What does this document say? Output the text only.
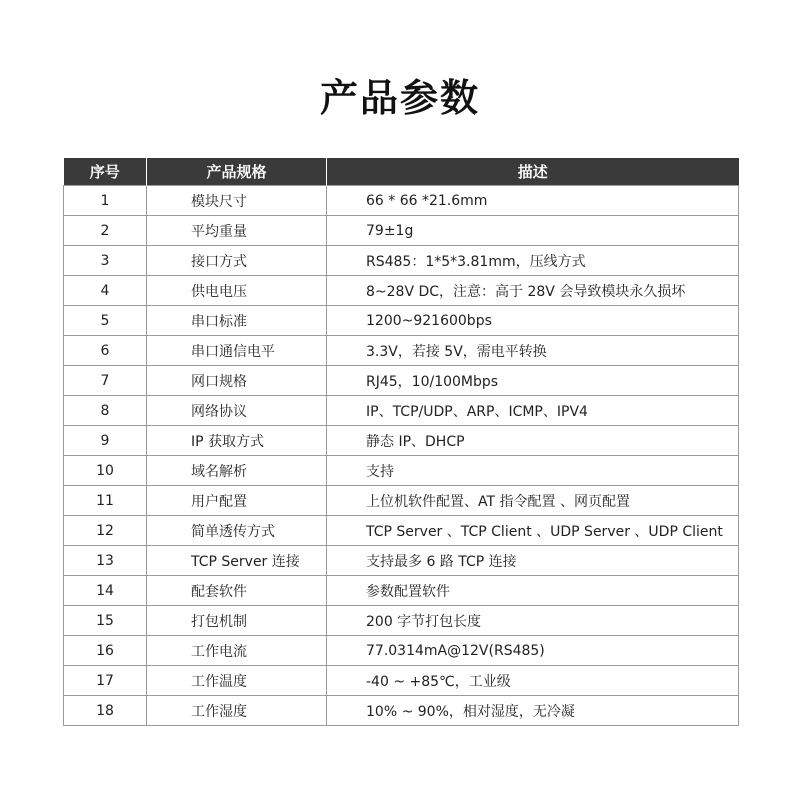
产品参数
序号	产品规格	描述
1	模块尺寸	66 * 66 *21.6mm
2	平均重量	79±1g
3	接口方式	RS485：1*5*3.81mm，压线方式
4	供电电压	8~28V DC，注意：高于 28V 会导致模块永久损坏
5	串口标准	1200~921600bps
6	串口通信电平	3.3V，若接 5V，需电平转换
7	网口规格	RJ45，10/100Mbps
8	网络协议	IP、TCP/UDP、ARP、ICMP、IPV4
9	IP 获取方式	静态 IP、DHCP
10	域名解析	支持
11	用户配置	上位机软件配置、AT 指令配置 、网页配置
12	简单透传方式	TCP Server 、TCP Client 、UDP Server 、UDP Client
13	TCP Server 连接	支持最多 6 路 TCP 连接
14	配套软件	参数配置软件
15	打包机制	200 字节打包长度
16	工作电流	77.0314mA@12V(RS485)
17	工作温度	-40 ~ +85℃，工业级
18	工作湿度	10% ~ 90%，相对湿度，无冷凝
